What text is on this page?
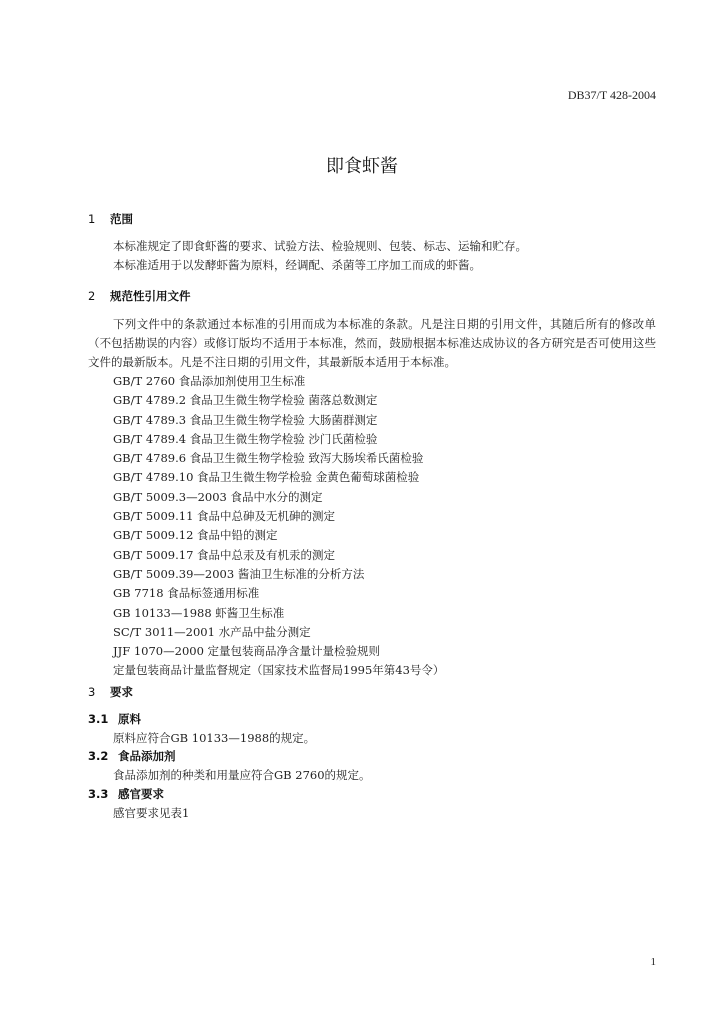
DB37/T 428-2004
即食虾酱
1 范围
本标准规定了即食虾酱的要求、试验方法、检验规则、包装、标志、运输和贮存。
本标准适用于以发酵虾酱为原料，经调配、杀菌等工序加工而成的虾酱。
2 规范性引用文件
下列文件中的条款通过本标准的引用而成为本标准的条款。凡是注日期的引用文件，其随后所有的修改单（不包括勘误的内容）或修订版均不适用于本标准，然而，鼓励根据本标准达成协议的各方研究是否可使用这些文件的最新版本。凡是不注日期的引用文件，其最新版本适用于本标准。
GB/T 2760 食品添加剂使用卫生标准
GB/T 4789.2 食品卫生微生物学检验 菌落总数测定
GB/T 4789.3 食品卫生微生物学检验 大肠菌群测定
GB/T 4789.4 食品卫生微生物学检验 沙门氏菌检验
GB/T 4789.6 食品卫生微生物学检验 致泻大肠埃希氏菌检验
GB/T 4789.10 食品卫生微生物学检验 金黄色葡萄球菌检验
GB/T 5009.3—2003 食品中水分的测定
GB/T 5009.11 食品中总砷及无机砷的测定
GB/T 5009.12 食品中铅的测定
GB/T 5009.17 食品中总汞及有机汞的测定
GB/T 5009.39—2003 酱油卫生标准的分析方法
GB 7718 食品标签通用标准
GB 10133—1988 虾酱卫生标准
SC/T 3011—2001 水产品中盐分测定
JJF 1070—2000 定量包装商品净含量计量检验规则
定量包装商品计量监督规定（国家技术监督局1995年第43号令）
3 要求
3.1 原料
原料应符合GB 10133—1988的规定。
3.2 食品添加剂
食品添加剂的种类和用量应符合GB 2760的规定。
3.3 感官要求
感官要求见表1
1
